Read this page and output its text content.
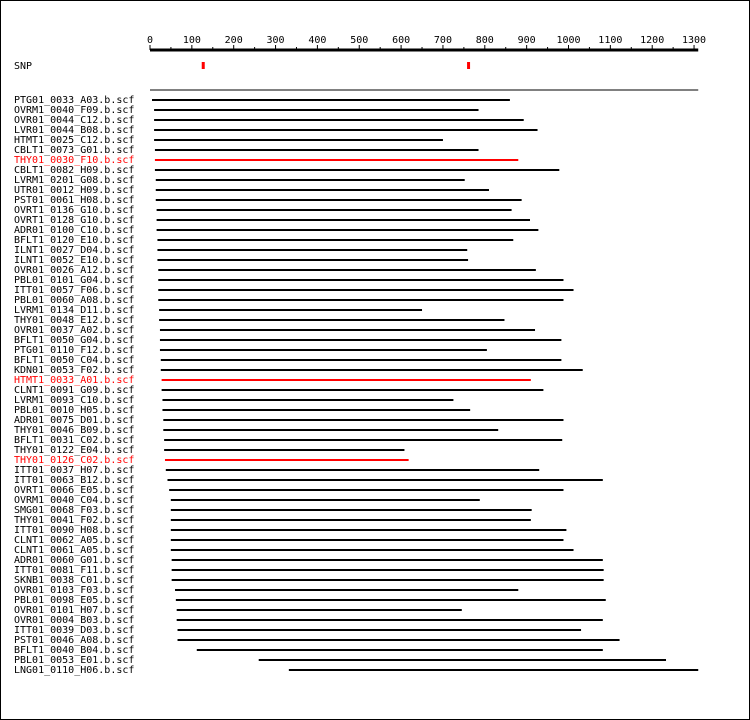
0	100 200 300 400 500 600 700 800 900 1000 1100 1200 1300
SNP
PTG01_0033_A03.b.scf
OVRM1_0040_F09.b.scf
OVR01_0044_C12.b.scf
LVR01_0044_B08.b.scf
HTMT1_0025_C12.b.scf
CBLT1_0073_G01.b.scf
THY01_0030_F10.b.scf
CBLT1_0082_H09.b.scf
LVRM1_0201_G08.b.scf
UTR01_0012_H09.b.scf
PST01_0061_H08.b.scf
OVRT1_0136_G10.b.scf
OVRT1_0128_G10.b.scf
ADR01_0100_C10.b.scf
BFLT1_0120_E10.b.scf
ILNT1_0027_D04.b.scf
ILNT1_0052_E10.b.scf
OVR01_0026_A12.b.scf
PBL01_0101_G04.b.scf
ITT01_0057_F06.b.scf
PBL01_0060_A08.b.scf
LVRM1_0134_D11.b.scf
THY01_0048_E12.b.scf
OVR01_0037_A02.b.scf
BFLT1_0050_G04.b.scf
PTG01_0110_F12.b.scf
BFLT1_0050_C04.b.scf
KDN01_0053_F02.b.scf
HTMT1_0033_A01.b.scf
CLNT1_0091_G09.b.scf
LVRM1_0093_C10.b.scf
PBL01_0010_H05.b.scf
ADR01_0075_D01.b.scf
THY01_0046_B09.b.scf
BFLT1_0031_C02.b.scf
THY01_0122_E04.b.scf
THY01_0126_C02.b.scf
ITT01_0037_H07.b.scf
ITT01_0063_B12.b.scf
OVRT1_0066_E05.b.scf
OVRM1_0040_C04.b.scf
SMG01_0068_F03.b.scf
THY01_0041_F02.b.scf
ITT01_0090_H08.b.scf
CLNT1_0062_A05.b.scf
CLNT1_0061_A05.b.scf
ADR01_0060_G01.b.scf
ITT01_0081_F11.b.scf
SKNB1_0038_C01.b.scf
OVR01_0103_F03.b.scf
PBL01_0098_E05.b.scf
OVR01_0101_H07.b.scf
OVR01_0004_B03.b.scf
ITT01_0039_D03.b.scf
PST01_0046_A08.b.scf
BFLT1_0040_B04.b.scf
PBL01_0053_E01.b.scf
LNG01_0110_H06.b.scf
